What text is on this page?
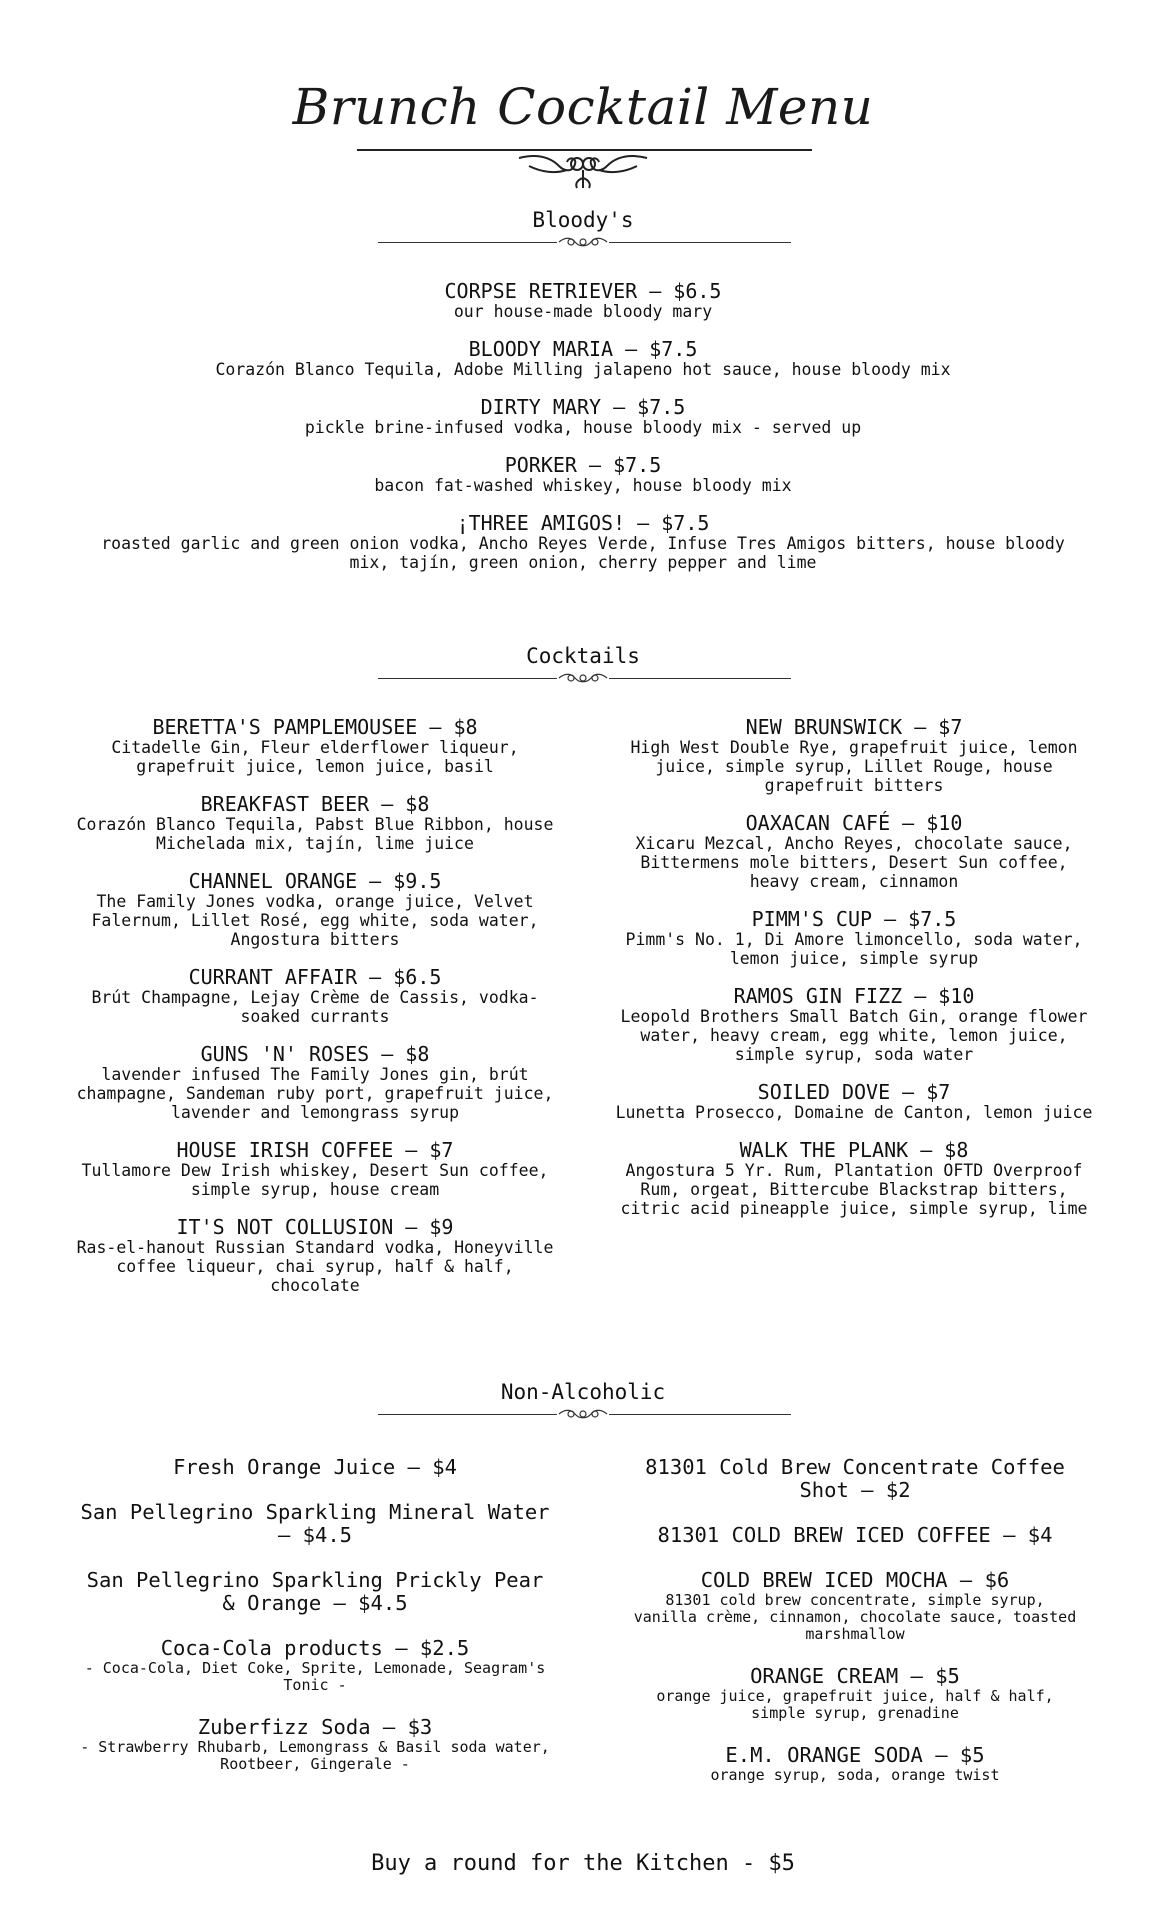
Brunch Cocktail Menu
Bloody's
CORPSE RETRIEVER — $6.5
our house-made bloody mary
BLOODY MARIA — $7.5
Corazón Blanco Tequila, Adobe Milling jalapeno hot sauce, house bloody mix
DIRTY MARY — $7.5
pickle brine-infused vodka, house bloody mix - served up
PORKER — $7.5
bacon fat-washed whiskey, house bloody mix
¡THREE AMIGOS! — $7.5
roasted garlic and green onion vodka, Ancho Reyes Verde, Infuse Tres Amigos bitters, house bloody mix, tajín, green onion, cherry pepper and lime
Cocktails
BERETTA'S PAMPLEMOUSEE — $8
Citadelle Gin, Fleur elderflower liqueur, grapefruit juice, lemon juice, basil
BREAKFAST BEER — $8
Corazón Blanco Tequila, Pabst Blue Ribbon, house Michelada mix, tajín, lime juice
CHANNEL ORANGE — $9.5
The Family Jones vodka, orange juice, Velvet Falernum, Lillet Rosé, egg white, soda water, Angostura bitters
CURRANT AFFAIR — $6.5
Brút Champagne, Lejay Crème de Cassis, vodka-soaked currants
GUNS 'N' ROSES — $8
lavender infused The Family Jones gin, brút champagne, Sandeman ruby port, grapefruit juice, lavender and lemongrass syrup
HOUSE IRISH COFFEE — $7
Tullamore Dew Irish whiskey, Desert Sun coffee, simple syrup, house cream
IT'S NOT COLLUSION — $9
Ras-el-hanout Russian Standard vodka, Honeyville coffee liqueur, chai syrup, half & half, chocolate
NEW BRUNSWICK — $7
High West Double Rye, grapefruit juice, lemon juice, simple syrup, Lillet Rouge, house grapefruit bitters
OAXACAN CAFÉ — $10
Xicaru Mezcal, Ancho Reyes, chocolate sauce, Bittermens mole bitters, Desert Sun coffee, heavy cream, cinnamon
PIMM'S CUP — $7.5
Pimm's No. 1, Di Amore limoncello, soda water, lemon juice, simple syrup
RAMOS GIN FIZZ — $10
Leopold Brothers Small Batch Gin, orange flower water, heavy cream, egg white, lemon juice, simple syrup, soda water
SOILED DOVE — $7
Lunetta Prosecco, Domaine de Canton, lemon juice
WALK THE PLANK — $8
Angostura 5 Yr. Rum, Plantation OFTD Overproof Rum, orgeat, Bittercube Blackstrap bitters, citric acid pineapple juice, simple syrup, lime
Non-Alcoholic
Fresh Orange Juice — $4
San Pellegrino Sparkling Mineral Water — $4.5
San Pellegrino Sparkling Prickly Pear & Orange — $4.5
Coca-Cola products — $2.5
- Coca-Cola, Diet Coke, Sprite, Lemonade, Seagram's Tonic -
Zuberfizz Soda — $3
- Strawberry Rhubarb, Lemongrass & Basil soda water, Rootbeer, Gingerale -
81301 Cold Brew Concentrate Coffee Shot — $2
81301 COLD BREW ICED COFFEE — $4
COLD BREW ICED MOCHA — $6
81301 cold brew concentrate, simple syrup, vanilla crème, cinnamon, chocolate sauce, toasted marshmallow
ORANGE CREAM — $5
orange juice, grapefruit juice, half & half, simple syrup, grenadine
E.M. ORANGE SODA — $5
orange syrup, soda, orange twist
Buy a round for the Kitchen - $5
